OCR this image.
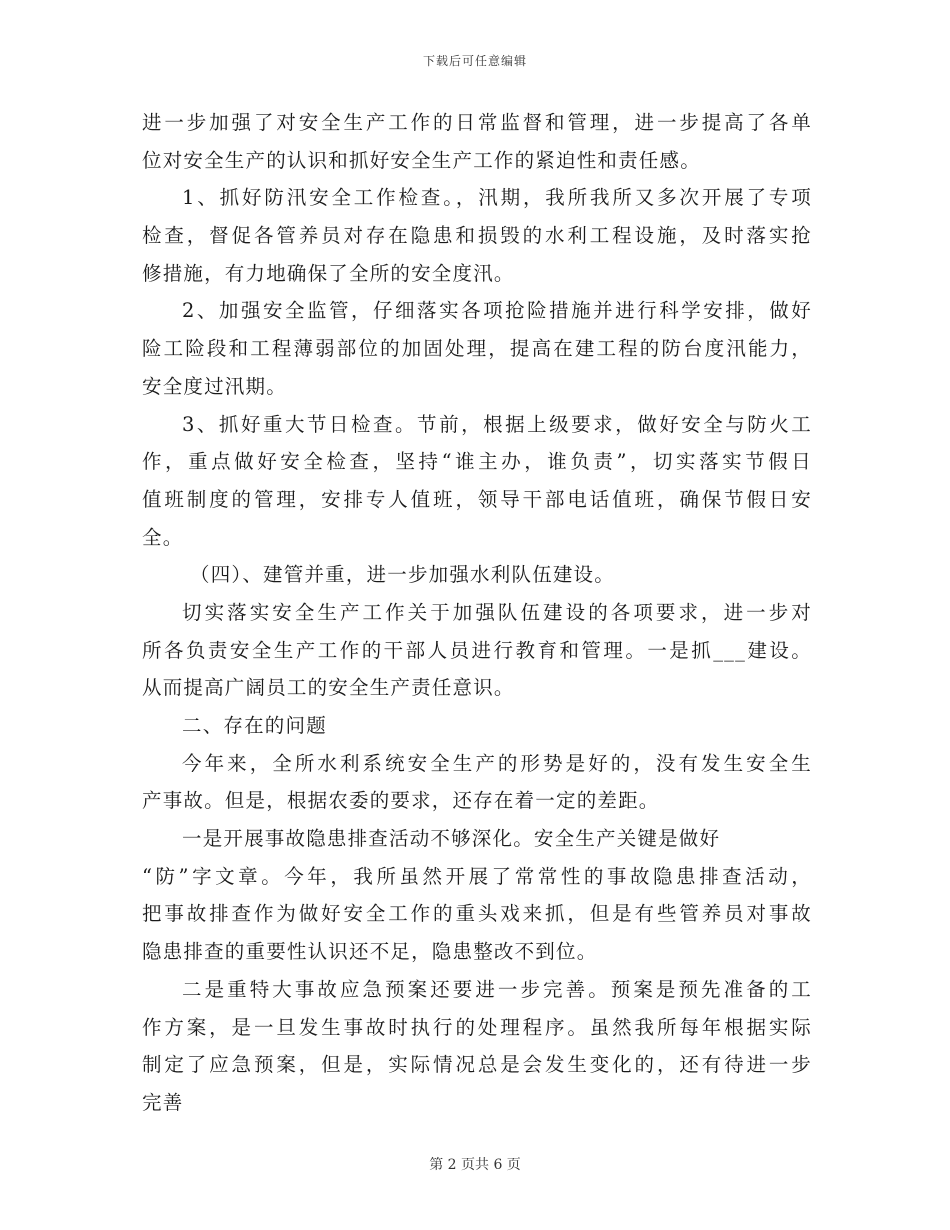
下载后可任意编辑
进一步加强了对安全生产工作的日常监督和管理，进一步提高了各单
位对安全生产的认识和抓好安全生产工作的紧迫性和责任感。
1、抓好防汛安全工作检查。，汛期，我所我所又多次开展了专项
检查，督促各管养员对存在隐患和损毁的水利工程设施，及时落实抢
修措施，有力地确保了全所的安全度汛。
2、加强安全监管，仔细落实各项抢险措施并进行科学安排，做好
险工险段和工程薄弱部位的加固处理，提高在建工程的防台度汛能力，
安全度过汛期。
3、抓好重大节日检查。节前，根据上级要求，做好安全与防火工
作，重点做好安全检查，坚持“谁主办，谁负责”，切实落实节假日
值班制度的管理，安排专人值班，领导干部电话值班，确保节假日安
全。
（四）、建管并重，进一步加强水利队伍建设。
切实落实安全生产工作关于加强队伍建设的各项要求，进一步对
所各负责安全生产工作的干部人员进行教育和管理。一是抓___建设。
从而提高广阔员工的安全生产责任意识。
二、存在的问题
今年来，全所水利系统安全生产的形势是好的，没有发生安全生
产事故。但是，根据农委的要求，还存在着一定的差距。
一是开展事故隐患排查活动不够深化。安全生产关键是做好
“防”字文章。今年，我所虽然开展了常常性的事故隐患排查活动，
把事故排查作为做好安全工作的重头戏来抓，但是有些管养员对事故
隐患排查的重要性认识还不足，隐患整改不到位。
二是重特大事故应急预案还要进一步完善。预案是预先准备的工
作方案，是一旦发生事故时执行的处理程序。虽然我所每年根据实际
制定了应急预案，但是，实际情况总是会发生变化的，还有待进一步
完善
第 2 页共 6 页
